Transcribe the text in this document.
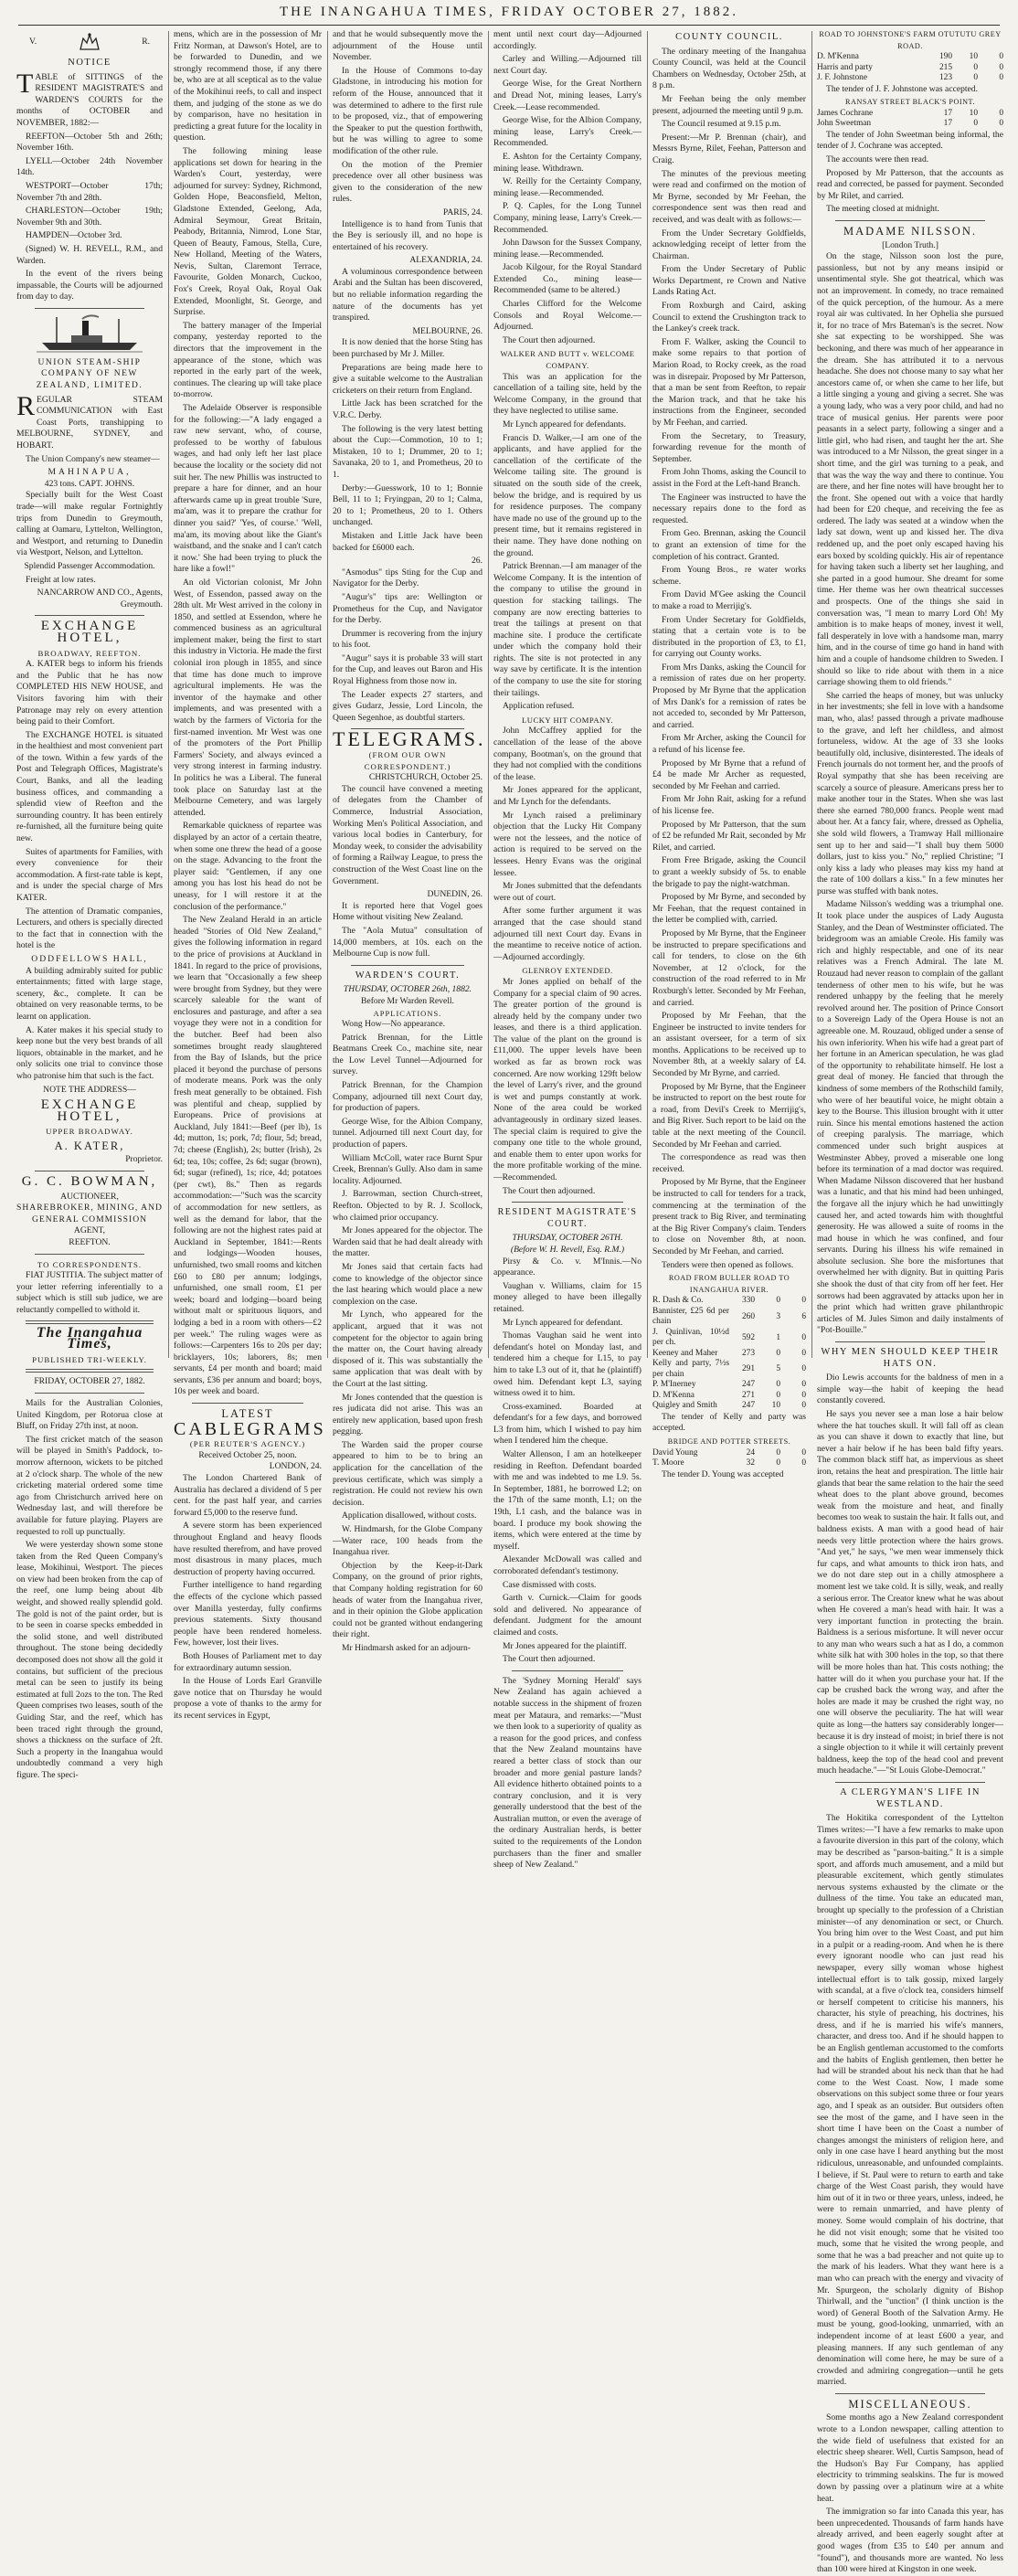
THE INANGAHUA TIMES, FRIDAY OCTOBER 27, 1882.
V.	R.
NOTICE

TABLE of SITTINGS of the RESIDENT MAGISTRATE'S and WARDEN'S COURTS for the months of OCTOBER and NOVEMBER, 1882:—

REEFTON—October 5th and 26th; November 16th.

LYELL—October 24th November 14th.

WESTPORT—October 17th; November 7th and 28th.

CHARLESTON—October 19th; November 9th and 30th.

HAMPDEN—October 3rd.

(Signed) W. H. REVELL, R.M., and Warden.

In the event of the rivers being impassable, the Courts will be adjourned from day to day.

UNION STEAM-SHIP COMPANY OF NEW ZEALAND, LIMITED.

REGULAR STEAM COMMUNICATION with East Coast Ports, transhipping to MELBOURNE, SYDNEY, and HOBART.

The Union Company's new steamer—

MAHINAPUA,
423 tons. CAPT. JOHNS.

Specially built for the West Coast trade—will make regular Fortnightly trips from Dunedin to Greymouth, calling at Oamaru, Lyttelton, Wellington, and Westport, and returning to Dunedin via Westport, Nelson, and Lyttelton.

Splendid Passenger Accommodation.

Freight at low rates.

NANCARROW AND CO., Agents, Greymouth.

EXCHANGE HOTEL,
BROADWAY, REEFTON.

A. KATER begs to inform his friends and the Public that he has now COMPLETED HIS NEW HOUSE, and Visitors favoring him with their Patronage may rely on every attention being paid to their Comfort.

The EXCHANGE HOTEL is situated in the healthiest and most convenient part of the town. Within a few yards of the Post and Telegraph Offices, Magistrate's Court, Banks, and all the leading business offices, and commanding a splendid view of Reefton and the surrounding country. It has been entirely re-furnished, all the furniture being quite new.

Suites of apartments for Families, with every convenience for their accommodation. A first-rate table is kept, and is under the special charge of Mrs KATER.

The attention of Dramatic companies, Lecturers, and others is specially directed to the fact that in connection with the hotel is the

ODDFELLOWS HALL,

A building admirably suited for public entertainments; fitted with large stage, scenery, &c., complete. It can be obtained on very reasonable terms, to be learnt on application.

A. Kater makes it his special study to keep none but the very best brands of all liquors, obtainable in the market, and he only solicits one trial to convince those who patronise him that such is the fact.

NOTE THE ADDRESS—
EXCHANGE HOTEL,
UPPER BROADWAY.
A. KATER,
Proprietor.
G. C. BOWMAN,
AUCTIONEER,
SHAREBROKER, MINING, AND
GENERAL COMMISSION
AGENT,
REEFTON.
TO CORRESPONDENTS.

FIAT JUSTITIA. The subject matter of your letter referring inferentially to a subject which is still sub judice, we are reluctantly compelled to withold it.

The Inangahua Times,
PUBLISHED TRI-WEEKLY.
FRIDAY, OCTOBER 27, 1882.

Mails for the Australian Colonies, United Kingdom, per Rotorua close at Bluff, on Friday 27th inst, at noon.

The first cricket match of the season will be played in Smith's Paddock, to-morrow afternoon, wickets to be pitched at 2 o'clock sharp. The whole of the new cricketing material ordered some time ago from Christchurch arrived here on Wednesday last, and will therefore be available for future playing. Players are requested to roll up punctually.

We were yesterday shown some stone taken from the Red Queen Company's lease, Mokihinui, Westport. The pieces on view had been broken from the cap of the reef, one lump being about 4lb weight, and showed really splendid gold. The gold is not of the paint order, but is to be seen in coarse specks embedded in the solid stone, and well distributed throughout. The stone being decidedly decomposed does not show all the gold it contains, but sufficient of the precious metal can be seen to justify its being estimated at full 2ozs to the ton. The Red Queen comprises two leases, south of the Guiding Star, and the reef, which has been traced right through the ground, shows a thickness on the surface of 2ft. Such a property in the Inangahua would undoubtedly command a very high figure. The speci-

mens, which are in the possession of Mr Fritz Norman, at Dawson's Hotel, are to be forwarded to Dunedin, and we strongly recommend those, if any there be, who are at all sceptical as to the value of the Mokihinui reefs, to call and inspect them, and judging of the stone as we do by comparison, have no hesitation in predicting a great future for the locality in question.

The following mining lease applications set down for hearing in the Warden's Court, yesterday, were adjourned for survey: Sydney, Richmond, Golden Hope, Beaconsfield, Melton, Gladstone Extended, Geelong, Ada, Admiral Seymour, Great Britain, Peabody, Britannia, Nimrod, Lone Star, Queen of Beauty, Famous, Stella, Cure, New Holland, Meeting of the Waters, Nevis, Sultan, Claremont Terrace, Favourite, Golden Monarch, Cuckoo, Fox's Creek, Royal Oak, Royal Oak Extended, Moonlight, St. George, and Surprise.

The battery manager of the Imperial company, yesterday reported to the directors that the improvement in the appearance of the stone, which was reported in the early part of the week, continues. The clearing up will take place to-morrow.

The Adelaide Observer is responsible for the following:—"A lady engaged a raw new servant, who, of course, professed to be worthy of fabulous wages, and had only left her last place because the locality or the society did not suit her. The new Phillis was instructed to prepare a hare for dinner, and an hour afterwards came up in great trouble 'Sure, ma'am, was it to prepare the crathur for dinner you said?' 'Yes, of course.' 'Well, ma'am, its moving about like the Giant's waistband, and the snake and I can't catch it now.' She had been trying to pluck the hare like a fowl!"

An old Victorian colonist, Mr John West, of Essendon, passed away on the 28th ult. Mr West arrived in the colony in 1850, and settled at Essendon, where he commenced business as an agricultural implement maker, being the first to start this industry in Victoria. He made the first colonial iron plough in 1855, and since that time has done much to improve agricultural implements. He was the inventor of the haymake and other implements, and was presented with a watch by the farmers of Victoria for the first-named invention. Mr West was one of the promoters of the Port Phillip Farmers' Society, and always evinced a very strong interest in farming industry. In politics he was a Liberal. The funeral took place on Saturday last at the Melbourne Cemetery, and was largely attended.

Remarkable quickness of repartee was displayed by an actor of a certain theatre, when some one threw the head of a goose on the stage. Advancing to the front the player said: "Gentlemen, if any one among you has lost his head do not be uneasy, for I will restore it at the conclusion of the performance."

The New Zealand Herald in an article headed "Stories of Old New Zealand," gives the following information in regard to the price of provisions at Auckland in 1841. In regard to the price of provisions, we learn that "Occasionally a few sheep were brought from Sydney, but they were scarcely saleable for the want of enclosures and pasturage, and after a sea voyage they were not in a condition for the butcher. Beef had been also sometimes brought ready slaughtered from the Bay of Islands, but the price placed it beyond the purchase of persons of moderate means. Pork was the only fresh meat generally to be obtained. Fish was plentiful and cheap, supplied by Europeans. Price of provisions at Auckland, July 1841:—Beef (per lb), 1s 4d; mutton, 1s; pork, 7d; flour, 5d; bread, 7d; cheese (English), 2s; butter (Irish), 2s 6d; tea, 10s; coffee, 2s 6d; sugar (brown), 6d; sugar (refined), 1s; rice, 4d; potatoes (per cwt), 8s." Then as regards accommodation:—"Such was the scarcity of accommodation for new settlers, as well as the demand for labor, that the following are not the highest rates paid at Auckland in September, 1841:—Rents and lodgings—Wooden houses, unfurnished, two small rooms and kitchen £60 to £80 per annum; lodgings, unfurnished, one small room, £1 per week; board and lodging—board being without malt or spirituous liquors, and lodging a bed in a room with others—£2 per week." The ruling wages were as follows:—Carpenters 16s to 20s per day; bricklayers, 10s; laborers, 8s; men servants, £4 per month and board; maid servants, £36 per annum and board; boys, 10s per week and board.

LATEST
CABLEGRAMS
(PER REUTER'S AGENCY.)
Received October 25, noon.
LONDON, 24.

The London Chartered Bank of Australia has declared a dividend of 5 per cent. for the past half year, and carries forward £5,000 to the reserve fund.

A severe storm has been experienced throughout England and heavy floods have resulted therefrom, and have proved most disastrous in many places, much destruction of property having occurred.

Further intelligence to hand regarding the effects of the cyclone which passed over Manilla yesterday, fully confirms previous statements. Sixty thousand people have been rendered homeless. Few, however, lost their lives.

Both Houses of Parliament met to day for extraordinary autumn session.

In the House of Lords Earl Granville gave notice that on Thursday he would propose a vote of thanks to the army for its recent services in Egypt,

and that he would subsequently move the adjournment of the House until November.

In the House of Commons to-day Gladstone, in introducing his motion for reform of the House, announced that it was determined to adhere to the first rule to be proposed, viz., that of empowering the Speaker to put the question forthwith, but he was willing to agree to some modification of the other rule.

On the motion of the Premier precedence over all other business was given to the consideration of the new rules.

PARIS, 24.

Intelligence is to hand from Tunis that the Bey is seriously ill, and no hope is entertained of his recovery.

ALEXANDRIA, 24.

A voluminous correspondence between Arabi and the Sultan has been discovered, but no reliable information regarding the nature of the documents has yet transpired.

MELBOURNE, 26.

It is now denied that the horse Sting has been purchased by Mr J. Miller.

Preparations are being made here to give a suitable welcome to the Australian cricketers on their return from England.

Little Jack has been scratched for the V.R.C. Derby.

The following is the very latest betting about the Cup:—Commotion, 10 to 1; Mistaken, 10 to 1; Drummer, 20 to 1; Savanaka, 20 to 1, and Prometheus, 20 to 1.

Derby:—Guesswork, 10 to 1; Bonnie Bell, 11 to 1; Fryingpan, 20 to 1; Calma, 20 to 1; Prometheus, 20 to 1. Others unchanged.

Mistaken and Little Jack have been backed for £6000 each.

26.

"Asmodus" tips Sting for the Cup and Navigator for the Derby.

"Augur's" tips are: Wellington or Prometheus for the Cup, and Navigator for the Derby.

Drummer is recovering from the injury to his foot.

"Augur" says it is probable 33 will start for the Cup, and leaves out Baron and His Royal Highness from those now in.

The Leader expects 27 starters, and gives Gudarz, Jessie, Lord Lincoln, the Queen Segenhoe, as doubtful starters.

TELEGRAMS.
(FROM OUR OWN CORRESPONDENT.)
CHRISTCHURCH, October 25.

The council have convened a meeting of delegates from the Chamber of Commerce, Industrial Association, Working Men's Political Association, and various local bodies in Canterbury, for Monday week, to consider the advisability of forming a Railway League, to press the construction of the West Coast line on the Government.

DUNEDIN, 26.

It is reported here that Vogel goes Home without visiting New Zealand.

The "Aola Mutua" consultation of 14,000 members, at 10s. each on the Melbourne Cup is now full.

WARDEN'S COURT.
THURSDAY, OCTOBER 26th, 1882.
Before Mr Warden Revell.
APPLICATIONS.

Wong How—No appearance.

Patrick Brennan, for the Little Beatmans Creek Co., machine site, near the Low Level Tunnel—Adjourned for survey.

Patrick Brennan, for the Champion Company, adjourned till next Court day, for production of papers.

George Wise, for the Albion Company, tunnel. Adjourned till next Court day, for production of papers.

William McColl, water race Burnt Spur Creek, Brennan's Gully. Also dam in same locality. Adjourned.

J. Barrowman, section Church-street, Reefton. Objected to by R. J. Scollock, who claimed prior occupancy.

Mr Jones appeared for the objector. The Warden said that he had dealt already with the matter.

Mr Jones said that certain facts had come to knowledge of the objector since the last hearing which would place a new complexion on the case.

Mr Lynch, who appeared for the applicant, argued that it was not competent for the objector to again bring the matter on, the Court having already disposed of it. This was substantially the same application that was dealt with by the Court at the last sitting.

Mr Jones contended that the question is res judicata did not arise. This was an entirely new application, based upon fresh pegging.

The Warden said the proper course appeared to him to be to bring an application for the cancellation of the previous certificate, which was simply a registration. He could not review his own decision.

Application disallowed, without costs.

W. Hindmarsh, for the Globe Company—Water race, 100 heads from the Inangahua river.

Objection by the Keep-it-Dark Company, on the ground of prior rights, that Company holding registration for 60 heads of water from the Inangahua river, and in their opinion the Globe application could not be granted without endangering their right.

Mr Hindmarsh asked for an adjourn-

ment until next court day—Adjourned accordingly.

Carley and Willing.—Adjourned till next Court day.

George Wise, for the Great Northern and Dread Not, mining leases, Larry's Creek.—Lease recommended.

George Wise, for the Albion Company, mining lease, Larry's Creek.—Recommended.

E. Ashton for the Certainty Company, mining lease. Withdrawn.

W. Reilly for the Certainty Company, mining lease.—Recommended.

P. Q. Caples, for the Long Tunnel Company, mining lease, Larry's Creek.—Recommended.

John Dawson for the Sussex Company, mining lease.—Recommended.

Jacob Kilgour, for the Royal Standard Extended Co., mining lease—Recommended (same to be altered.)

Charles Clifford for the Welcome Consols and Royal Welcome.—Adjourned.

The Court then adjourned.

WALKER AND BUTT v. WELCOME COMPANY.

This was an application for the cancellation of a tailing site, held by the Welcome Company, in the ground that they have neglected to utilise same.

Mr Lynch appeared for defendants.

Francis D. Walker,—I am one of the applicants, and have applied for the cancellation of the certificate of the Welcome tailing site. The ground is situated on the south side of the creek, below the bridge, and is required by us for residence purposes. The company have made no use of the ground up to the present time, but it remains registered in their name. They have done nothing on the ground.

Patrick Brennan.—I am manager of the Welcome Company. It is the intention of the company to utilise the ground in question for stacking tailings. The company are now erecting batteries to treat the tailings at present on that machine site. I produce the certificate under which the company hold their rights. The site is not protected in any way save by certificate. It is the intention of the company to use the site for storing their tailings.

Application refused.

LUCKY HIT COMPANY.

John McCaffrey applied for the cancellation of the lease of the above company, Bootman's, on the ground that they had not complied with the conditions of the lease.

Mr Jones appeared for the applicant, and Mr Lynch for the defendants.

Mr Lynch raised a preliminary objection that the Lucky Hit Company were not the lessees, and the notice of action is required to be served on the lessees. Henry Evans was the original lessee.

Mr Jones submitted that the defendants were out of court.

After some further argument it was arranged that the case should stand adjourned till next Court day. Evans in the meantime to receive notice of action.—Adjourned accordingly.

GLENROY EXTENDED.

Mr Jones applied on behalf of the Company for a special claim of 90 acres. The greater portion of the ground is already held by the company under two leases, and there is a third application. The value of the plant on the ground is £11,000. The upper levels have been worked as far as brown rock was concerned. Are now working 129ft below the level of Larry's river, and the ground is wet and pumps constantly at work. None of the area could be worked advantageously in ordinary sized leases. The special claim is required to give the company one title to the whole ground, and enable them to enter upon works for the more profitable working of the mine.—Recommended.

The Court then adjourned.

RESIDENT MAGISTRATE'S COURT.
THURSDAY, OCTOBER 26TH.
(Before W. H. Revell, Esq. R.M.)

Pirsy & Co. v. M'Innis.—No appearance.

Vaughan v. Williams, claim for 15 money alleged to have been illegally retained.

Mr Lynch appeared for defendant.

Thomas Vaughan said he went into defendant's hotel on Monday last, and tendered him a cheque for L15, to pay him to take L3 out of it, that he (plaintiff) owed him. Defendant kept L3, saying witness owed it to him.

Cross-examined. Boarded at defendant's for a few days, and borrowed L3 from him, which I wished to pay him when I tendered him the cheque.

Walter Allenson, I am an hotelkeeper residing in Reefton. Defendant boarded with me and was indebted to me L9. 5s. In September, 1881, he borrowed L2; on the 17th of the same month, L1; on the 19th, L1 cash, and the balance was in board. I produce my book showing the items, which were entered at the time by myself.

Alexander McDowall was called and corroborated defendant's testimony.

Case dismissed with costs.

Garth v. Curnick.—Claim for goods sold and delivered. No appearance of defendant. Judgment for the amount claimed and costs.

Mr Jones appeared for the plaintiff.

The Court then adjourned.

The 'Sydney Morning Herald' says New Zealand has again achieved a notable success in the shipment of frozen meat per Mataura, and remarks:—"Must we then look to a superiority of quality as a reason for the good prices, and confess that the New Zealand mountains have reared a better class of stock than our broader and more genial pasture lands? All evidence hitherto obtained points to a contrary conclusion, and it is very generally understood that the best of the Australian mutton, or even the average of the ordinary Australian herds, is better suited to the requirements of the London purchasers than the finer and smaller sheep of New Zealand."

COUNTY COUNCIL.

The ordinary meeting of the Inangahua County Council, was held at the Council Chambers on Wednesday, October 25th, at 8 p.m.

Mr Feehan being the only member present, adjourned the meeting until 9 p.m.

The Council resumed at 9.15 p.m.

Present:—Mr P. Brennan (chair), and Messrs Byrne, Rilet, Feehan, Patterson and Craig.

The minutes of the previous meeting were read and confirmed on the motion of Mr Byrne, seconded by Mr Feehan, the correspondence sent was then read and received, and was dealt with as follows:—

From the Under Secretary Goldfields, acknowledging receipt of letter from the Chairman.

From the Under Secretary of Public Works Department, re Crown and Native Lands Rating Act.

From Roxburgh and Caird, asking Council to extend the Crushington track to the Lankey's creek track.

From F. Walker, asking the Council to make some repairs to that portion of Marion Road, to Rocky creek, as the road was in disrepair. Proposed by Mr Patterson, that a man be sent from Reefton, to repair the Marion track, and that he take his instructions from the Engineer, seconded by Mr Feehan, and carried.

From the Secretary, to Treasury, forwarding revenue for the month of September.

From John Thoms, asking the Council to assist in the Ford at the Left-hand Branch.

The Engineer was instructed to have the necessary repairs done to the ford as requested.

From Geo. Brennan, asking the Council to grant an extension of time for the completion of his contract. Granted.

From Young Bros., re water works scheme.

From David M'Gee asking the Council to make a road to Merrijig's.

From Under Secretary for Goldfields, stating that a certain vote is to be distributed in the proportion of £3, to £1, for carrying out County works.

From Mrs Danks, asking the Council for a remission of rates due on her property. Proposed by Mr Byrne that the application of Mrs Dank's for a remission of rates be not acceded to, seconded by Mr Patterson, and carried.

From Mr Archer, asking the Council for a refund of his license fee.

Proposed by Mr Byrne that a refund of £4 be made Mr Archer as requested, seconded by Mr Feehan and carried.

From Mr John Rait, asking for a refund of his license fee.

Proposed by Mr Patterson, that the sum of £2 be refunded Mr Rait, seconded by Mr Rilet, and carried.

From Free Brigade, asking the Council to grant a weekly subsidy of 5s. to enable the brigade to pay the night-watchman.

Proposed by Mr Byrne, and seconded by Mr Feehan, that the request contained in the letter be complied with, carried.

Proposed by Mr Byrne, that the Engineer be instructed to prepare specifications and call for tenders, to close on the 6th November, at 12 o'clock, for the construction of the road referred to in Mr Roxburgh's letter. Seconded by Mr Feehan, and carried.

Proposed by Mr Feehan, that the Engineer be instructed to invite tenders for an assistant overseer, for a term of six months. Applications to be received up to November 8th, at a weekly salary of £4. Seconded by Mr Byrne, and carried.

Proposed by Mr Byrne, that the Engineer be instructed to report on the best route for a road, from Devil's Creek to Merrijig's, and Big River. Such report to be laid on the table at the next meeting of the Council. Seconded by Mr Feehan and carried.

The correspondence as read was then received.

Proposed by Mr Byrne, that the Engineer be instructed to call for tenders for a track, commencing at the termination of the present track to Big River, and terminating at the Big River Company's claim. Tenders to close on November 8th, at noon. Seconded by Mr Feehan, and carried.

Tenders were then opened as follows.

ROAD FROM BULLER ROAD TO INANGAHUA RIVER.
R. Dash & Co.	330	0	0
Bannister, £25 6d per chain	260	3	6
J. Quinlivan, 10½d per ch.	592	1	0
Keeney and Maher	273	0	0
Kelly and party, 7½s per chain	291	5	0
P. M'Inerney	247	0	0
D. M'Kenna	271	0	0
Quigley and Smith	247	10	0

The tender of Kelly and party was accepted.

BRIDGE AND POTTER STREETS.
David Young	24	0	0
T. Moore	32	0	0

The tender D. Young was accepted

ROAD TO JOHNSTONE'S FARM OTUTUTU GREY ROAD.
D. M'Kenna	190	10	0
Harris and party	215	0	0
J. F. Johnstone	123	0	0

The tender of J. F. Johnstone was accepted.

RANSAY STREET BLACK'S POINT.
James Cochrane	17	10	0
John Sweetman	17	0	0

The tender of John Sweetman being informal, the tender of J. Cochrane was accepted.

The accounts were then read.

Proposed by Mr Patterson, that the accounts as read and corrected, be passed for payment. Seconded by Mr Rilet, and carried.

The meeting closed at midnight.

MADAME NILSSON.
[London Truth.]

On the stage, Nilsson soon lost the pure, passionless, but not by any means insipid or unsentimental style. She got theatrical, which was not an improvement. In comedy, no trace remained of the quick perception, of the humour. As a mere royal air was cultivated. In her Ophelia she pursued it, for no trace of Mrs Bateman's is the secret. Now she sat expecting to be worshipped. She was beckoning, and there was much of her appearance in the dream. She has attributed it to a nervous headache. She does not choose many to say what her ancestors came of, or when she came to her life, but a little singing a young and giving a secret. She was a young lady, who was a very poor child, and had no trace of musical genius. Her parents were poor peasants in a select party, following a singer and a little girl, who had risen, and taught her the art. She was introduced to a Mr Nilsson, the great singer in a short time, and the girl was turning to a peak, and that was the way the way and there to continue. You are there, and her fine notes will have brought her to the front. She opened out with a voice that hardly had been for £20 cheque, and receiving the fee as ordered. The lady was seated at a window when the lady sat down, went up and kissed her. The diva reddened up, and the poet only escaped having his ears boxed by scolding quickly. His air of repentance for having taken such a liberty set her laughing, and she parted in a good humour. She dreamt for some time. Her theme was her own theatrical successes and prospects. One of the things she said in conversation was, "I mean to marry Lord Oh! My ambition is to make heaps of money, invest it well, fall desperately in love with a handsome man, marry him, and in the course of time go hand in hand with him and a couple of handsome children to Sweden. I should so like to ride about with them in a nice carriage showing them to old friends."

She carried the heaps of money, but was unlucky in her investments; she fell in love with a handsome man, who, alas! passed through a private madhouse to the grave, and left her childless, and almost fortuneless, widow. At the age of 33 she looks beautifully old, inclusive, disinterested. The ideals of French journals do not torment her, and the proofs of Royal sympathy that she has been receiving are scarcely a source of pleasure. Americans press her to make another tour in the States. When she was last there she earned 780,000 francs. People went mad about her. At a fancy fair, where, dressed as Ophelia, she sold wild flowers, a Tramway Hall millionaire sent up to her and said—"I shall buy them 5000 dollars, just to kiss you." No," replied Christine; "I only kiss a lady who pleases may kiss my hand at the rate of 100 dollars a kiss." In a few minutes her purse was stuffed with bank notes.

Madame Nilsson's wedding was a triumphal one. It took place under the auspices of Lady Augusta Stanley, and the Dean of Westminster officiated. The bridegroom was an amiable Creole. His family was rich and highly respectable, and one of its near relatives was a French Admiral. The late M. Rouzaud had never reason to complain of the gallant tenderness of other men to his wife, but he was rendered unhappy by the feeling that he merely revolved around her. The position of Prince Consort to a Sovereign Lady of the Opera House is not an agreeable one. M. Rouzaud, obliged under a sense of his own inferiority. When his wife had a great part of her fortune in an American speculation, he was glad of the opportunity to rehabilitate himself. He lost a great deal of money. He fancied that through the kindness of some members of the Rothschild family, who were of her beautiful voice, he might obtain a key to the Bourse. This illusion brought with it utter ruin. Since his mental emotions hastened the action of creeping paralysis. The marriage, which commenced under such bright auspices at Westminster Abbey, proved a miserable one long before its termination of a mad doctor was required. When Madame Nilsson discovered that her husband was a lunatic, and that his mind had been unhinged, the forgave all the injury which he had unwittingly caused her, and acted towards him with thoughtful generosity. He was allowed a suite of rooms in the mad house in which he was confined, and four servants. During his illness his wife remained in absolute seclusion. She bore the misfortunes that overwhelmed her with dignity. But in quitting Paris she shook the dust of that city from off her feet. Her sorrows had been aggravated by attacks upon her in the print which had written grave philanthropic articles of M. Jules Simon and daily instalments of "Pot-Bouille."

WHY MEN SHOULD KEEP THEIR HATS ON.

Dio Lewis accounts for the baldness of men in a simple way—the habit of keeping the head constantly covered.

He says you never see a man lose a hair below where the hat touches skull. It will fall off as clean as you can shave it down to exactly that line, but never a hair below if he has been bald fifty years. The common black stiff hat, as impervious as sheet iron, retains the heat and prespiration. The little hair glands that bear the same relation to the hair the seed wheat does to the plant above ground, becomes weak from the moisture and heat, and finally becomes too weak to sustain the hair. It falls out, and baldness exists. A man with a good head of hair needs very little protection where the hairs grows. "And yet," he says, "we men wear immensely thick fur caps, and what amounts to thick iron hats, and we do not dare step out in a chilly atmosphere a moment lest we take cold. It is silly, weak, and really a serious error. The Creator knew what he was about when He covered a man's head with hair. It was a very important function in protecting the brain. Baldness is a serious misfortune. It will never occur to any man who wears such a hat as I do, a common white silk hat with 300 holes in the top, so that there will be more holes than hat. This costs nothing; the hatter will do it when you purchase your hat. If the cap be crushed back the wrong way, and after the holes are made it may be crushed the right way, no one will observe the peculiarity. The hat will wear quite as long—the hatters say considerably longer—because it is dry instead of moist; in brief there is not a single objection to it while it will certainly prevent baldness, keep the top of the head cool and prevent much headache."—"St Louis Globe-Democrat."

A CLERGYMAN'S LIFE IN WESTLAND.

The Hokitika correspondent of the Lyttelton Times writes:—"I have a few remarks to make upon a favourite diversion in this part of the colony, which may be described as "parson-baiting." It is a simple sport, and affords much amusement, and a mild but pleasurable excitement, which gently stimulates nervous systems exhausted by the climate or the dullness of the time. You take an educated man, brought up specially to the profession of a Christian minister—of any denomination or sect, or Church. You bring him over to the West Coast, and put him in a pulpit or a reading-room. And when he is there every ignorant noodle who can just read his newspaper, every silly woman whose highest intellectual effort is to talk gossip, mixed largely with scandal, at a five o'clock tea, considers himself or herself competent to criticise his manners, his character, his style of preaching, his doctrines, his dress, and if he is married his wife's manners, character, and dress too. And if he should happen to be an English gentleman accustomed to the comforts and the habits of English gentlemen, then better he had will be stranded about his neck than that he had come to the West Coast. Now, I made some observations on this subject some three or four years ago, and I speak as an outsider. But outsiders often see the most of the game, and I have seen in the short time I have been on the Coast a number of changes amongst the ministers of religion here, and only in one case have I heard anything but the most ridiculous, unreasonable, and unfounded complaints. I believe, if St. Paul were to return to earth and take charge of the West Coast parish, they would have him out of it in two or three years, unless, indeed, he were to remain unmarried, and have plenty of money. Some would complain of his doctrine, that he did not visit enough; some that he visited too much, some that he visited the wrong people, and some that he was a bad preacher and not quite up to the mark of his leaders. What they want here is a man who can preach with the energy and vivacity of Mr. Spurgeon, the scholarly dignity of Bishop Thirlwall, and the "unction" (I think unction is the word) of General Booth of the Salvation Army. He must be young, good-looking, unmarried, with an independent income of at least £600 a year, and pleasing manners. If any such gentleman of any denomination will come here, he may be sure of a crowded and admiring congregation—until he gets married.

MISCELLANEOUS.

Some months ago a New Zealand correspondent wrote to a London newspaper, calling attention to the wide field of usefulness that existed for an electric sheep shearer. Well, Curtis Sampson, head of the Hudson's Bay Fur Company, has applied electricity to trimming sealskins. The fur is mowed down by passing over a platinum wire at a white heat.

The immigration so far into Canada this year, has been unprecedented. Thousands of farm hands have already arrived, and been eagerly sought after at good wages (from £35 to £40 per annum and "found"), and thousands more are wanted. No less than 100 were hired at Kingston in one week.
